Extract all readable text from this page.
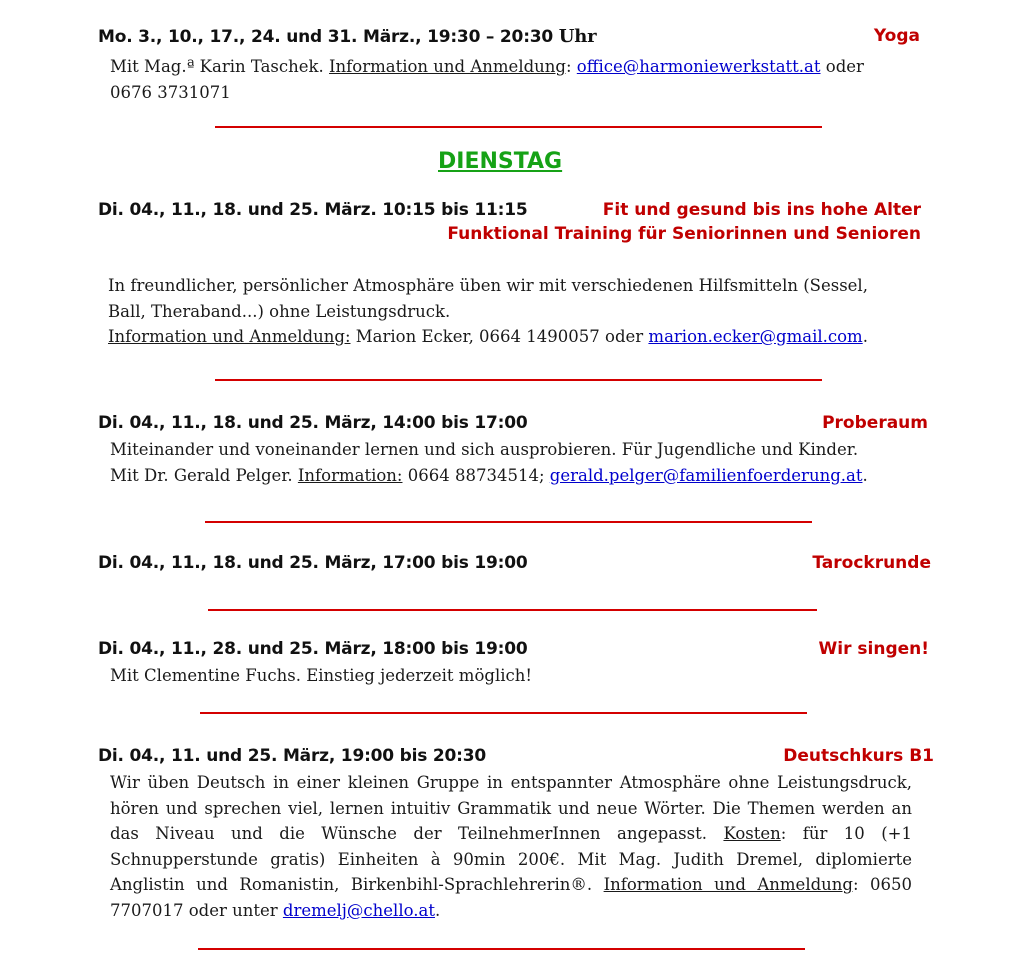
Mo. 3., 10., 17., 24. und 31. März., 19:30 – 20:30 Uhr	Yoga
Mit Mag.ª Karin Taschek. Information und Anmeldung: office@harmoniewerkstatt.at oder
0676 3731071
DIENSTAG
Di. 04., 11., 18. und 25. März. 10:15 bis 11:15	Fit und gesund bis ins hohe Alter
Funktional Training für Seniorinnen und Senioren
In freundlicher, persönlicher Atmosphäre üben wir mit verschiedenen Hilfsmitteln (Sessel,
Ball, Theraband...) ohne Leistungsdruck.
Information und Anmeldung: Marion Ecker, 0664 1490057 oder marion.ecker@gmail.com.
Di. 04., 11., 18. und 25. März, 14:00 bis 17:00	Proberaum
Miteinander und voneinander lernen und sich ausprobieren. Für Jugendliche und Kinder.
Mit Dr. Gerald Pelger. Information: 0664 88734514; gerald.pelger@familienfoerderung.at.
Di. 04., 11., 18. und 25. März, 17:00 bis 19:00	Tarockrunde
Di. 04., 11., 28. und 25. März, 18:00 bis 19:00	Wir singen!
Mit Clementine Fuchs. Einstieg jederzeit möglich!
Di. 04., 11. und 25. März, 19:00 bis 20:30	Deutschkurs B1
Wir üben Deutsch in einer kleinen Gruppe in entspannter Atmosphäre ohne Leistungsdruck, hören und sprechen viel, lernen intuitiv Grammatik und neue Wörter. Die Themen werden an das Niveau und die Wünsche der TeilnehmerInnen angepasst. Kosten: für 10 (+1 Schnupperstunde gratis) Einheiten à 90min 200€. Mit Mag. Judith Dremel, diplomierte Anglistin und Romanistin, Birkenbihl-Sprachlehrerin®. Information und Anmeldung: 0650 7707017 oder unter dremelj@chello.at.
